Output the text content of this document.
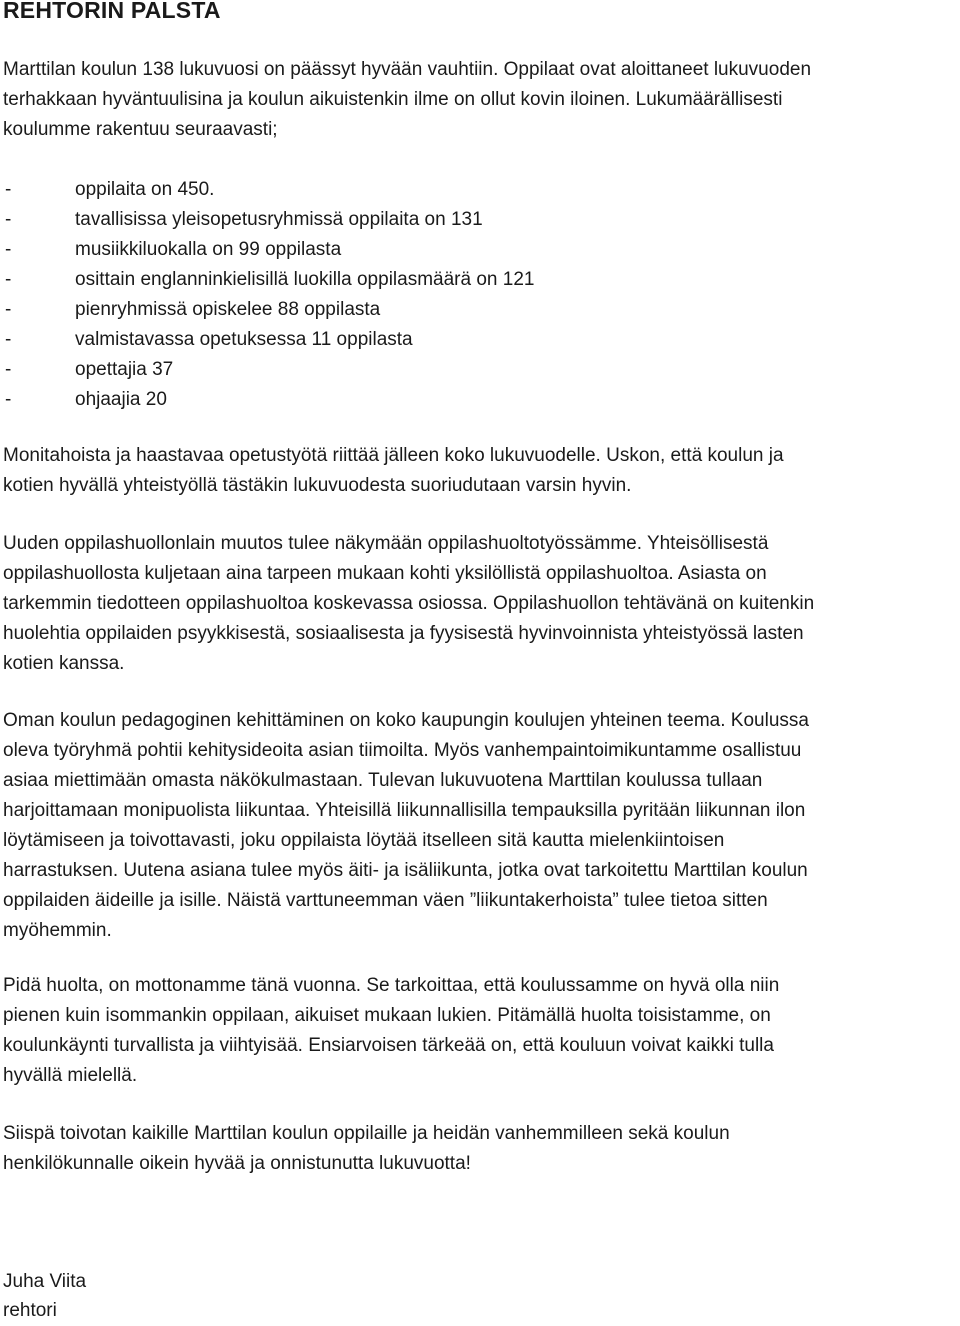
REHTORIN PALSTA

Marttilan koulun 138 lukuvuosi on päässyt hyvään vauhtiin. Oppilaat ovat aloittaneet lukuvuoden
terhakkaan hyväntuulisina ja koulun aikuistenkin ilme on ollut kovin iloinen. Lukumäärällisesti
koulumme rakentuu seuraavasti;

-	oppilaita on 450.
-	tavallisissa yleisopetusryhmissä oppilaita on 131
-	musiikkiluokalla on 99 oppilasta
-	osittain englanninkielisillä luokilla oppilasmäärä on 121
-	pienryhmissä opiskelee 88 oppilasta
-	valmistavassa opetuksessa 11 oppilasta
-	opettajia 37
-	ohjaajia 20

Monitahoista ja haastavaa opetustyötä riittää jälleen koko lukuvuodelle. Uskon, että koulun ja
kotien hyvällä yhteistyöllä tästäkin lukuvuodesta suoriudutaan varsin hyvin.

Uuden oppilashuollonlain muutos tulee näkymään oppilashuoltotyössämme. Yhteisöllisestä
oppilashuollosta kuljetaan aina tarpeen mukaan kohti yksilöllistä oppilashuoltoa. Asiasta on
tarkemmin tiedotteen oppilashuoltoa koskevassa osiossa. Oppilashuollon tehtävänä on kuitenkin
huolehtia oppilaiden psyykkisestä, sosiaalisesta ja fyysisestä hyvinvoinnista yhteistyössä lasten
kotien kanssa.

Oman koulun pedagoginen kehittäminen on koko kaupungin koulujen yhteinen teema. Koulussa
oleva työryhmä pohtii kehitysideoita asian tiimoilta. Myös vanhempaintoimikuntamme osallistuu
asiaa miettimään omasta näkökulmastaan. Tulevan lukuvuotena Marttilan koulussa tullaan
harjoittamaan monipuolista liikuntaa. Yhteisillä liikunnallisilla tempauksilla pyritään liikunnan ilon
löytämiseen ja toivottavasti, joku oppilaista löytää itselleen sitä kautta mielenkiintoisen
harrastuksen. Uutena asiana tulee myös äiti- ja isäliikunta, jotka ovat tarkoitettu Marttilan koulun
oppilaiden äideille ja isille. Näistä varttuneemman väen ”liikuntakerhoista” tulee tietoa sitten
myöhemmin.

Pidä huolta, on mottonamme tänä vuonna. Se tarkoittaa, että koulussamme on hyvä olla niin
pienen kuin isommankin oppilaan, aikuiset mukaan lukien. Pitämällä huolta toisistamme, on
koulunkäynti turvallista ja viihtyisää. Ensiarvoisen tärkeää on, että kouluun voivat kaikki tulla
hyvällä mielellä.

Siispä toivotan kaikille Marttilan koulun oppilaille ja heidän vanhemmilleen sekä koulun
henkilökunnalle oikein hyvää ja onnistunutta lukuvuotta!

Juha Viita
rehtori
